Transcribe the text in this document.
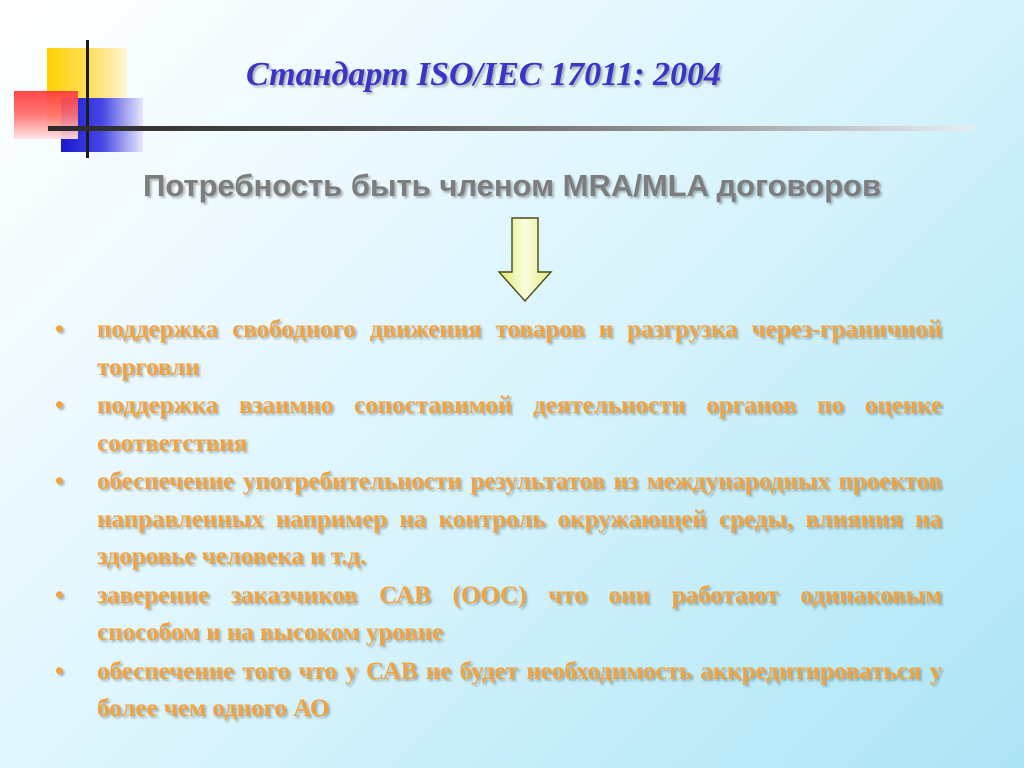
Стандарт ISO/IEC 17011: 2004
Потребность быть членом MRA/MLA договоров
• поддержка свободного движения товаров и разгрузка через-граничной торговли
• поддержка взаимно сопоставимой деятельности органов по оценке соответствия
• обеспечение употребительности результатов из международных проектов направленных например на контроль окружающей среды, влияния на здоровье человека и т.д.
• заверение заказчиков САВ (ООС) что они работают одинаковым способом и на высоком уровне
• обеспечение того что у САВ не будет необходимость аккредитироваться у более чем одного АО
